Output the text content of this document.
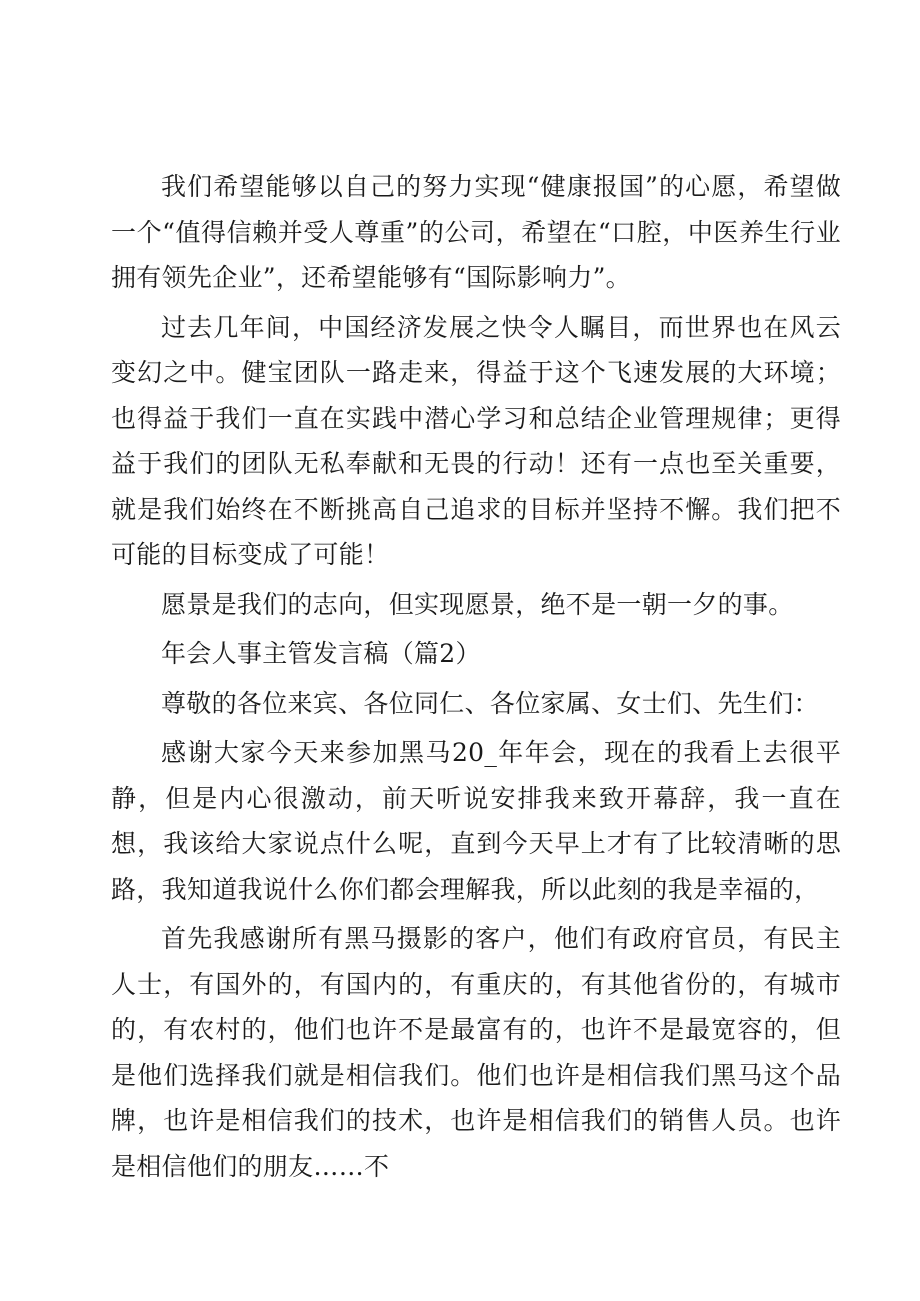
我们希望能够以自己的努力实现“健康报国”的心愿，希望做一个“值得信赖并受人尊重”的公司，希望在“口腔，中医养生行业拥有领先企业”，还希望能够有“国际影响力”。

过去几年间，中国经济发展之快令人瞩目，而世界也在风云变幻之中。健宝团队一路走来，得益于这个飞速发展的大环境；也得益于我们一直在实践中潜心学习和总结企业管理规律；更得益于我们的团队无私奉献和无畏的行动！还有一点也至关重要，就是我们始终在不断挑高自己追求的目标并坚持不懈。我们把不可能的目标变成了可能！

愿景是我们的志向，但实现愿景，绝不是一朝一夕的事。

年会人事主管发言稿（篇2）

尊敬的各位来宾、各位同仁、各位家属、女士们、先生们：

感谢大家今天来参加黑马20_年年会，现在的我看上去很平静，但是内心很激动，前天听说安排我来致开幕辞，我一直在想，我该给大家说点什么呢，直到今天早上才有了比较清晰的思路，我知道我说什么你们都会理解我，所以此刻的我是幸福的，

首先我感谢所有黑马摄影的客户，他们有政府官员，有民主人士，有国外的，有国内的，有重庆的，有其他省份的，有城市的，有农村的，他们也许不是最富有的，也许不是最宽容的，但是他们选择我们就是相信我们。他们也许是相信我们黑马这个品牌，也许是相信我们的技术，也许是相信我们的销售人员。也许是相信他们的朋友……不
